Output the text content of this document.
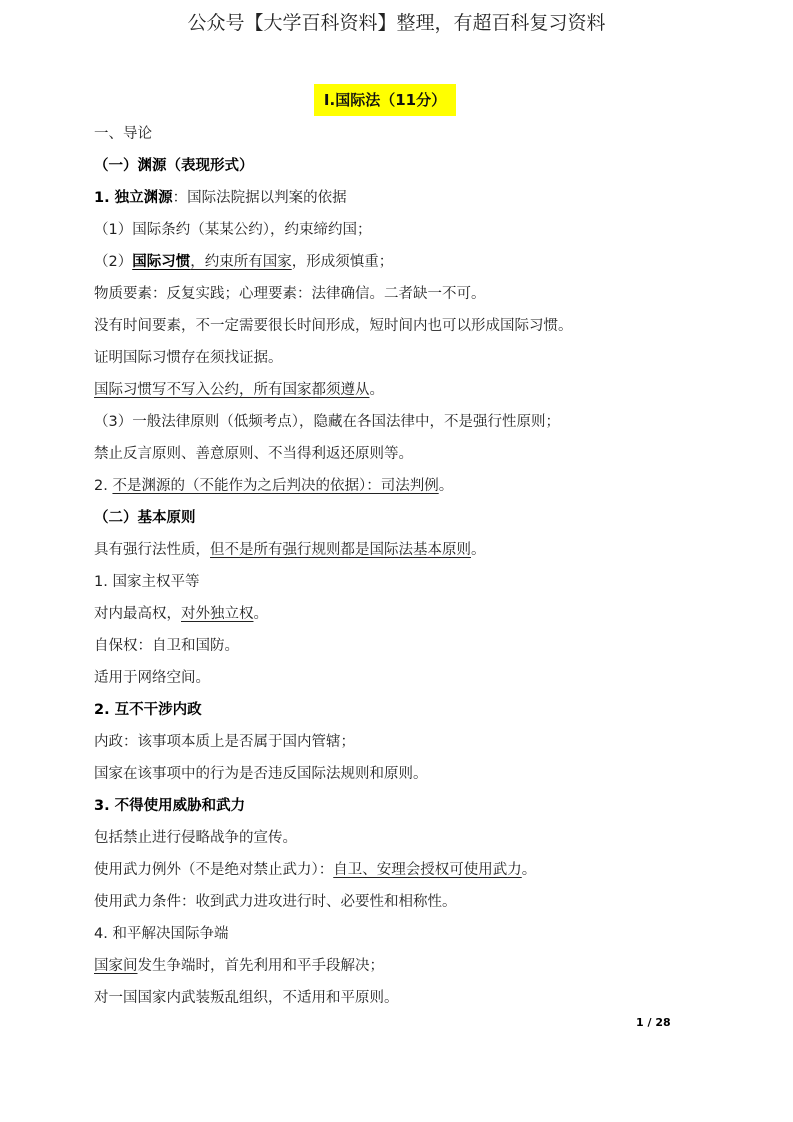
公众号【大学百科资料】整理，有超百科复习资料
Ⅰ.国际法（11分）
一、导论
（一）渊源（表现形式）
1. 独立渊源：国际法院据以判案的依据
（1）国际条约（某某公约），约束缔约国；
（2）国际习惯，约束所有国家，形成须慎重；
物质要素：反复实践；心理要素：法律确信。二者缺一不可。
没有时间要素，不一定需要很长时间形成，短时间内也可以形成国际习惯。
证明国际习惯存在须找证据。
国际习惯写不写入公约，所有国家都须遵从。
（3）一般法律原则（低频考点），隐藏在各国法律中，不是强行性原则；
禁止反言原则、善意原则、不当得利返还原则等。
2. 不是渊源的（不能作为之后判决的依据）：司法判例。
（二）基本原则
具有强行法性质，但不是所有强行规则都是国际法基本原则。
1. 国家主权平等
对内最高权，对外独立权。
自保权：自卫和国防。
适用于网络空间。
2. 互不干涉内政
内政：该事项本质上是否属于国内管辖；
国家在该事项中的行为是否违反国际法规则和原则。
3. 不得使用威胁和武力
包括禁止进行侵略战争的宣传。
使用武力例外（不是绝对禁止武力）：自卫、安理会授权可使用武力。
使用武力条件：收到武力进攻进行时、必要性和相称性。
4. 和平解决国际争端
国家间发生争端时，首先利用和平手段解决；
对一国国家内武装叛乱组织，不适用和平原则。
1 / 28
